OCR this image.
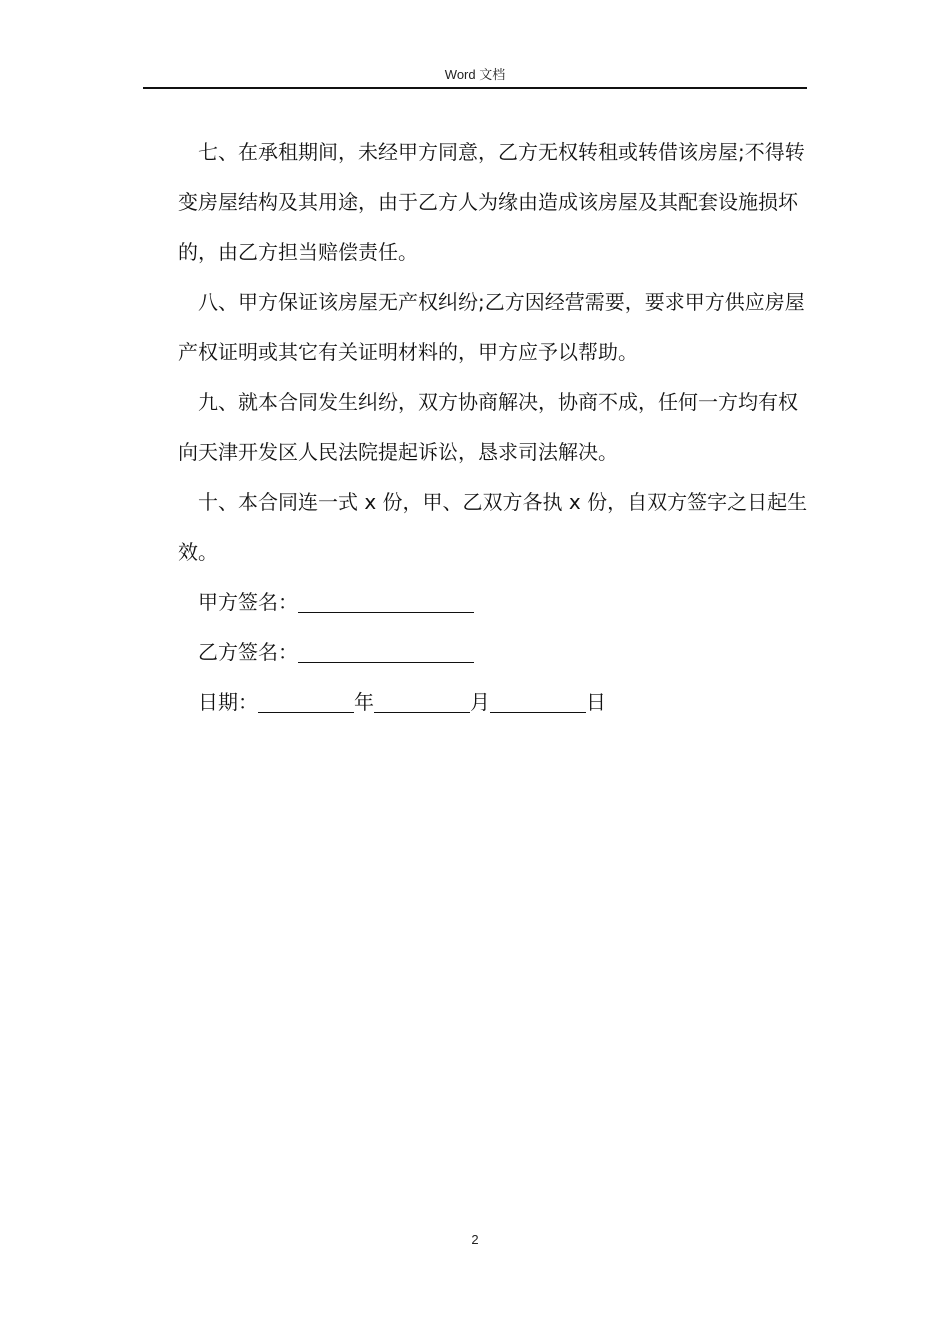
Word 文档

七、在承租期间，未经甲方同意，乙方无权转租或转借该房屋;不得转变房屋结构及其用途，由于乙方人为缘由造成该房屋及其配套设施损坏的，由乙方担当赔偿责任。

八、甲方保证该房屋无产权纠纷;乙方因经营需要，要求甲方供应房屋产权证明或其它有关证明材料的，甲方应予以帮助。

九、就本合同发生纠纷，双方协商解决，协商不成，任何一方均有权向天津开发区人民法院提起诉讼，恳求司法解决。

十、本合同连一式 x 份，甲、乙双方各执 x 份，自双方签字之日起生效。

甲方签名：

乙方签名：

日期：	年	月	日

2
